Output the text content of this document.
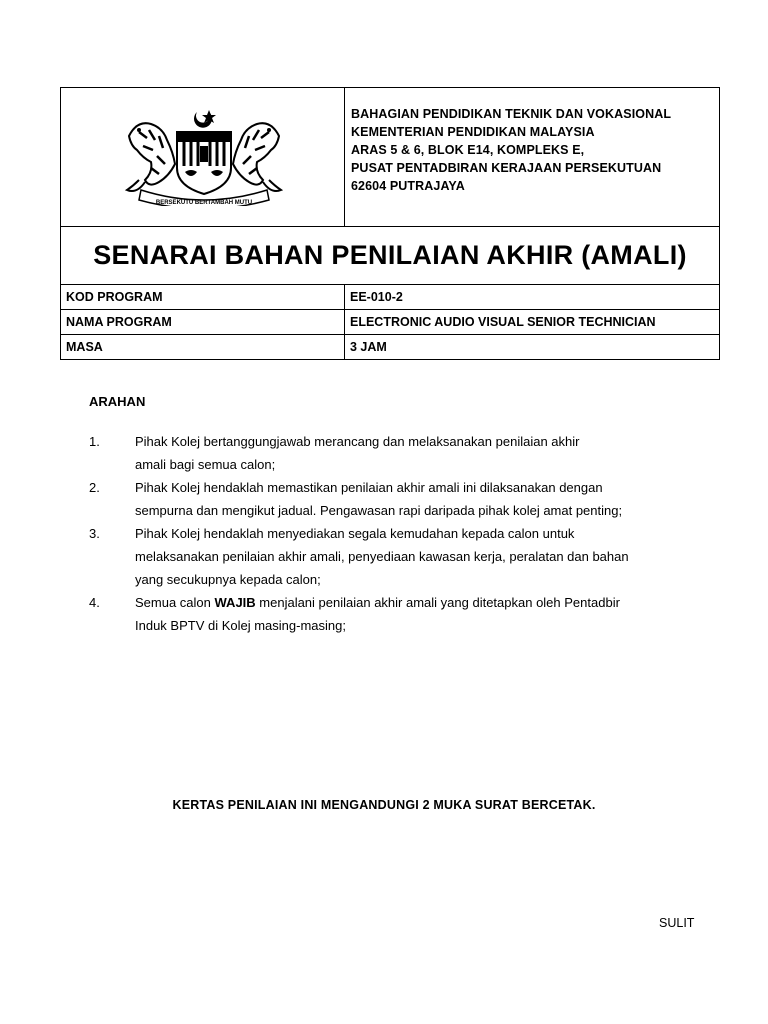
BERSEKUTU BERTAMBAH MUTU	BAHAGIAN PENDIDIKAN TEKNIK DAN VOKASIONAL
KEMENTERIAN PENDIDIKAN MALAYSIA
ARAS 5 & 6, BLOK E14, KOMPLEKS E,
PUSAT PENTADBIRAN KERAJAAN PERSEKUTUAN
62604 PUTRAJAYA

SENARAI BAHAN PENILAIAN AKHIR (AMALI)	
KOD PROGRAM	EE-010-2
NAMA PROGRAM	ELECTRONIC AUDIO VISUAL SENIOR TECHNICIAN
MASA	3 JAM
ARAHAN
1.	Pihak Kolej bertanggungjawab merancang dan melaksanakan penilaian akhir
amali bagi semua calon;
2.	Pihak Kolej hendaklah memastikan penilaian akhir amali ini dilaksanakan dengan
sempurna dan mengikut jadual. Pengawasan rapi daripada pihak kolej amat penting;
3.	Pihak Kolej hendaklah menyediakan segala kemudahan kepada calon untuk
melaksanakan penilaian akhir amali, penyediaan kawasan kerja, peralatan dan bahan
yang secukupnya kepada calon;
4.	Semua calon WAJIB menjalani penilaian akhir amali yang ditetapkan oleh Pentadbir
Induk BPTV di Kolej masing-masing;
KERTAS PENILAIAN INI MENGANDUNGI 2 MUKA SURAT BERCETAK.
SULIT
